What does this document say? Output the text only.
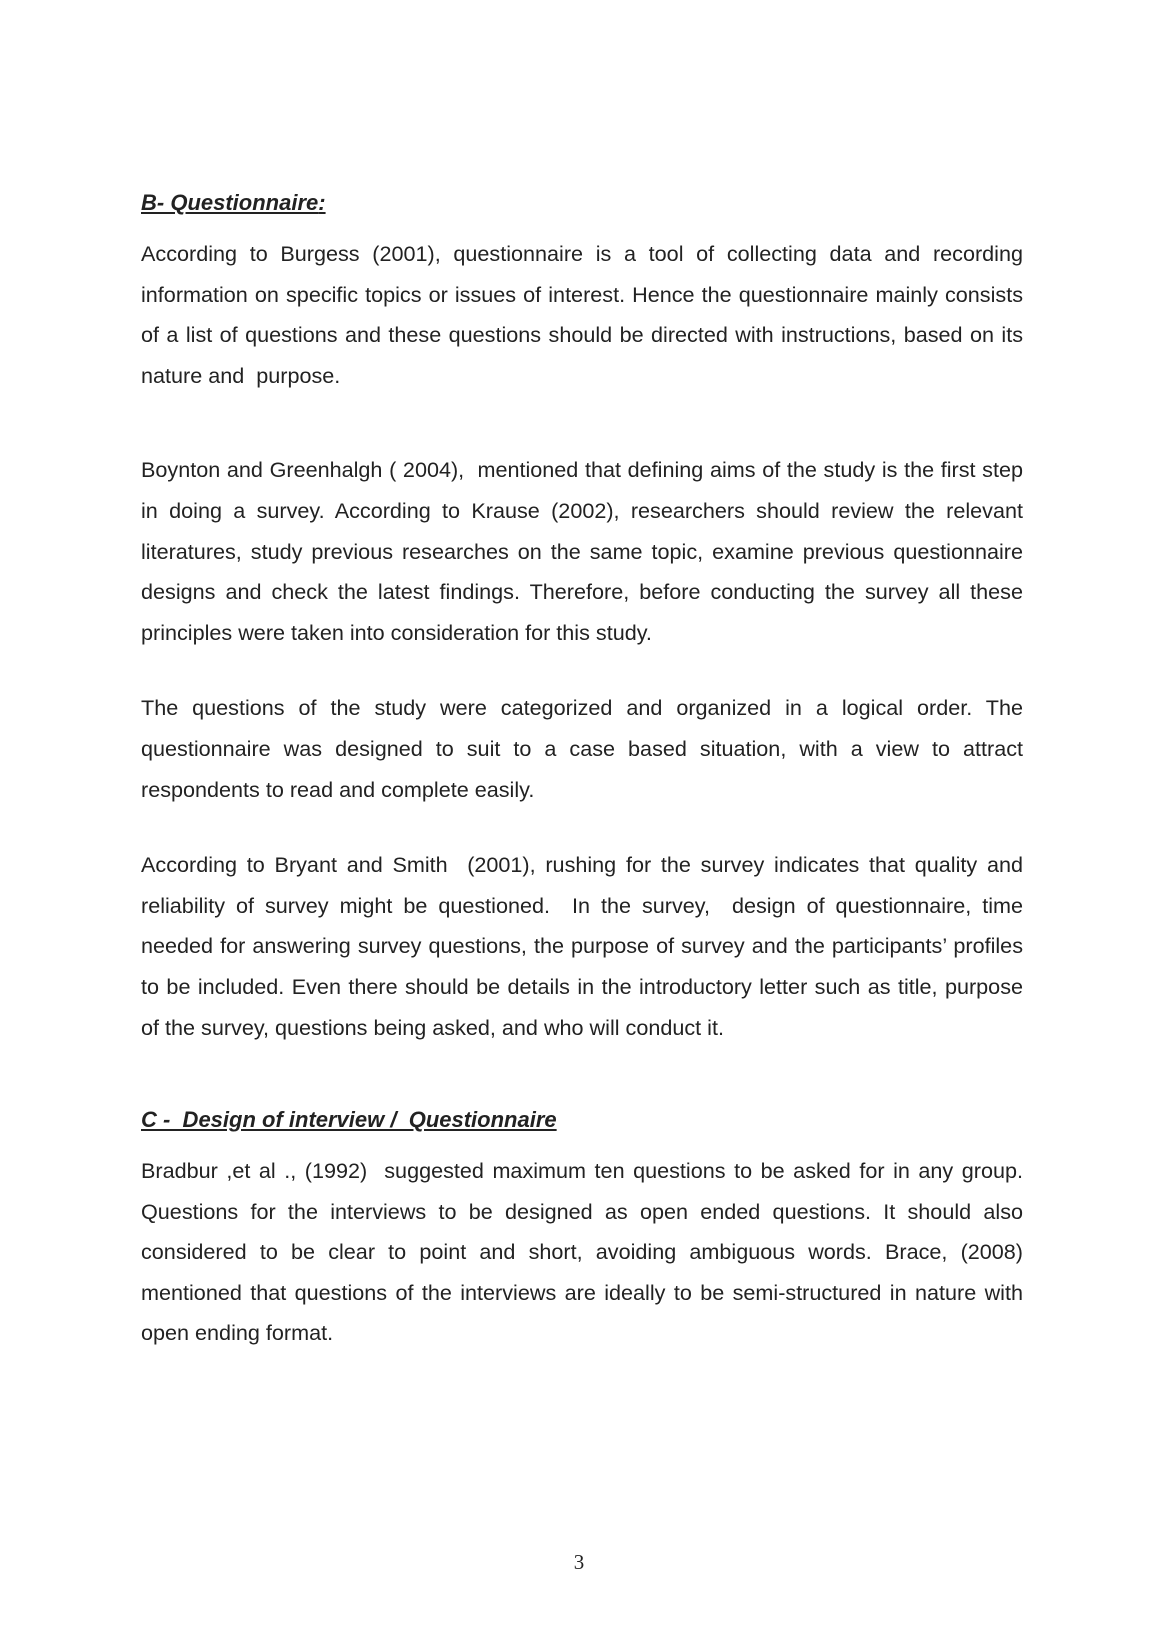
B- Questionnaire:

According to Burgess (2001), questionnaire is a tool of collecting data and recording information on specific topics or issues of interest. Hence the questionnaire mainly consists of a list of questions and these questions should be directed with instructions, based on its nature and  purpose.

Boynton and Greenhalgh ( 2004),  mentioned that defining aims of the study is the first step in doing a survey. According to Krause (2002), researchers should review the relevant literatures, study previous researches on the same topic, examine previous questionnaire designs and check the latest findings. Therefore, before conducting the survey all these principles were taken into consideration for this study.

The questions of the study were categorized and organized in a logical order. The questionnaire was designed to suit to a case based situation, with a view to attract respondents to read and complete easily.

According to Bryant and Smith  (2001), rushing for the survey indicates that quality and reliability of survey might be questioned.  In the survey,  design of questionnaire, time needed for answering survey questions, the purpose of survey and the participants’ profiles to be included. Even there should be details in the introductory letter such as title, purpose of the survey, questions being asked, and who will conduct it.

C -  Design of interview /  Questionnaire

Bradbur ,et al ., (1992)  suggested maximum ten questions to be asked for in any group. Questions for the interviews to be designed as open ended questions. It should also considered to be clear to point and short, avoiding ambiguous words. Brace, (2008) mentioned that questions of the interviews are ideally to be semi-structured in nature with open ending format.

3
